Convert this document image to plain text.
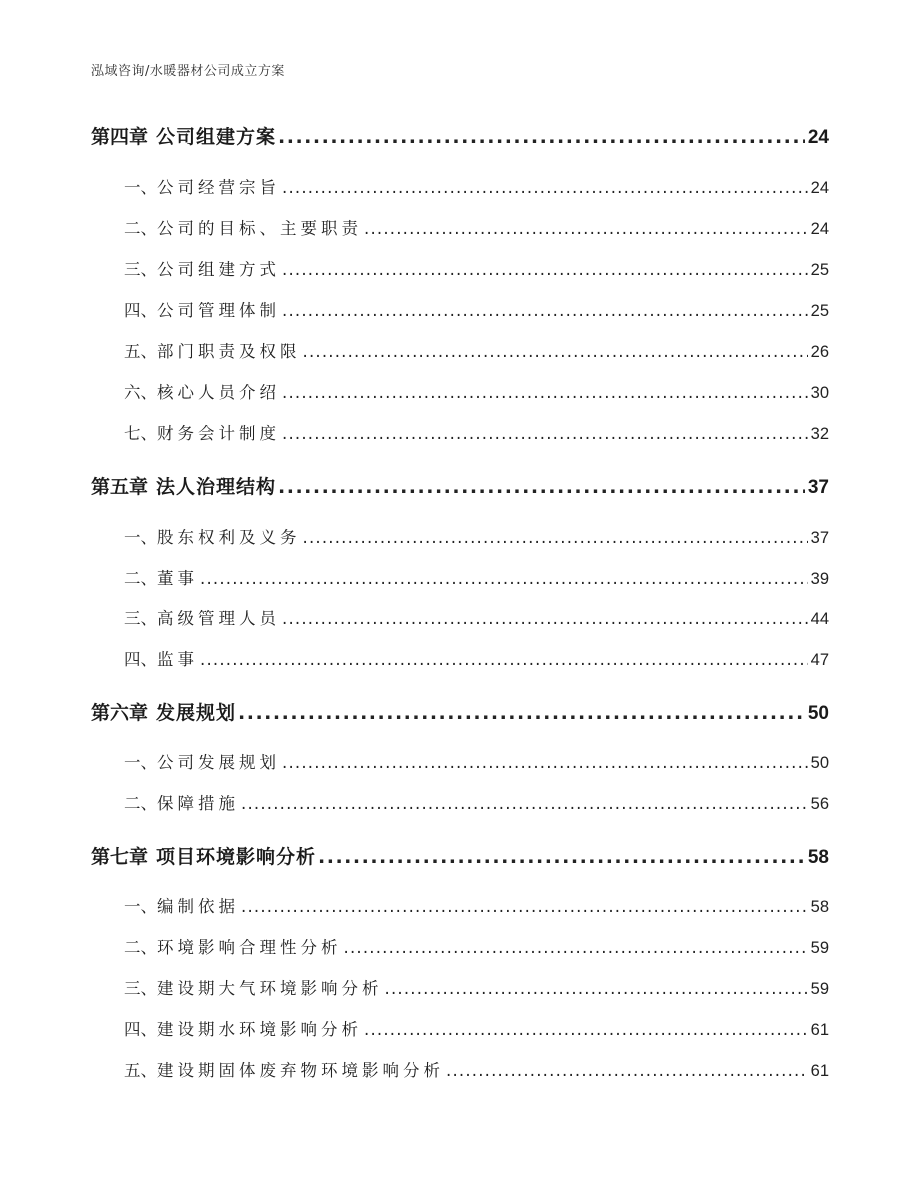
泓域咨询/水暖器材公司成立方案
第四章 公司组建方案 .....	24
一、 公司经营宗旨 .....	24
二、 公司的目标、主要职责 .....	24
三、 公司组建方式 .....	25
四、 公司管理体制 .....	25
五、 部门职责及权限 .....	26
六、 核心人员介绍 .....	30
七、 财务会计制度 .....	32
第五章 法人治理结构 .....	37
一、 股东权利及义务 .....	37
二、 董事 .....	39
三、 高级管理人员 .....	44
四、 监事 .....	47
第六章 发展规划 .....	50
一、 公司发展规划 .....	50
二、 保障措施 .....	56
第七章 项目环境影响分析 .....	58
一、 编制依据 .....	58
二、 环境影响合理性分析 .....	59
三、 建设期大气环境影响分析 .....	59
四、 建设期水环境影响分析 .....	61
五、 建设期固体废弃物环境影响分析 .....	61
